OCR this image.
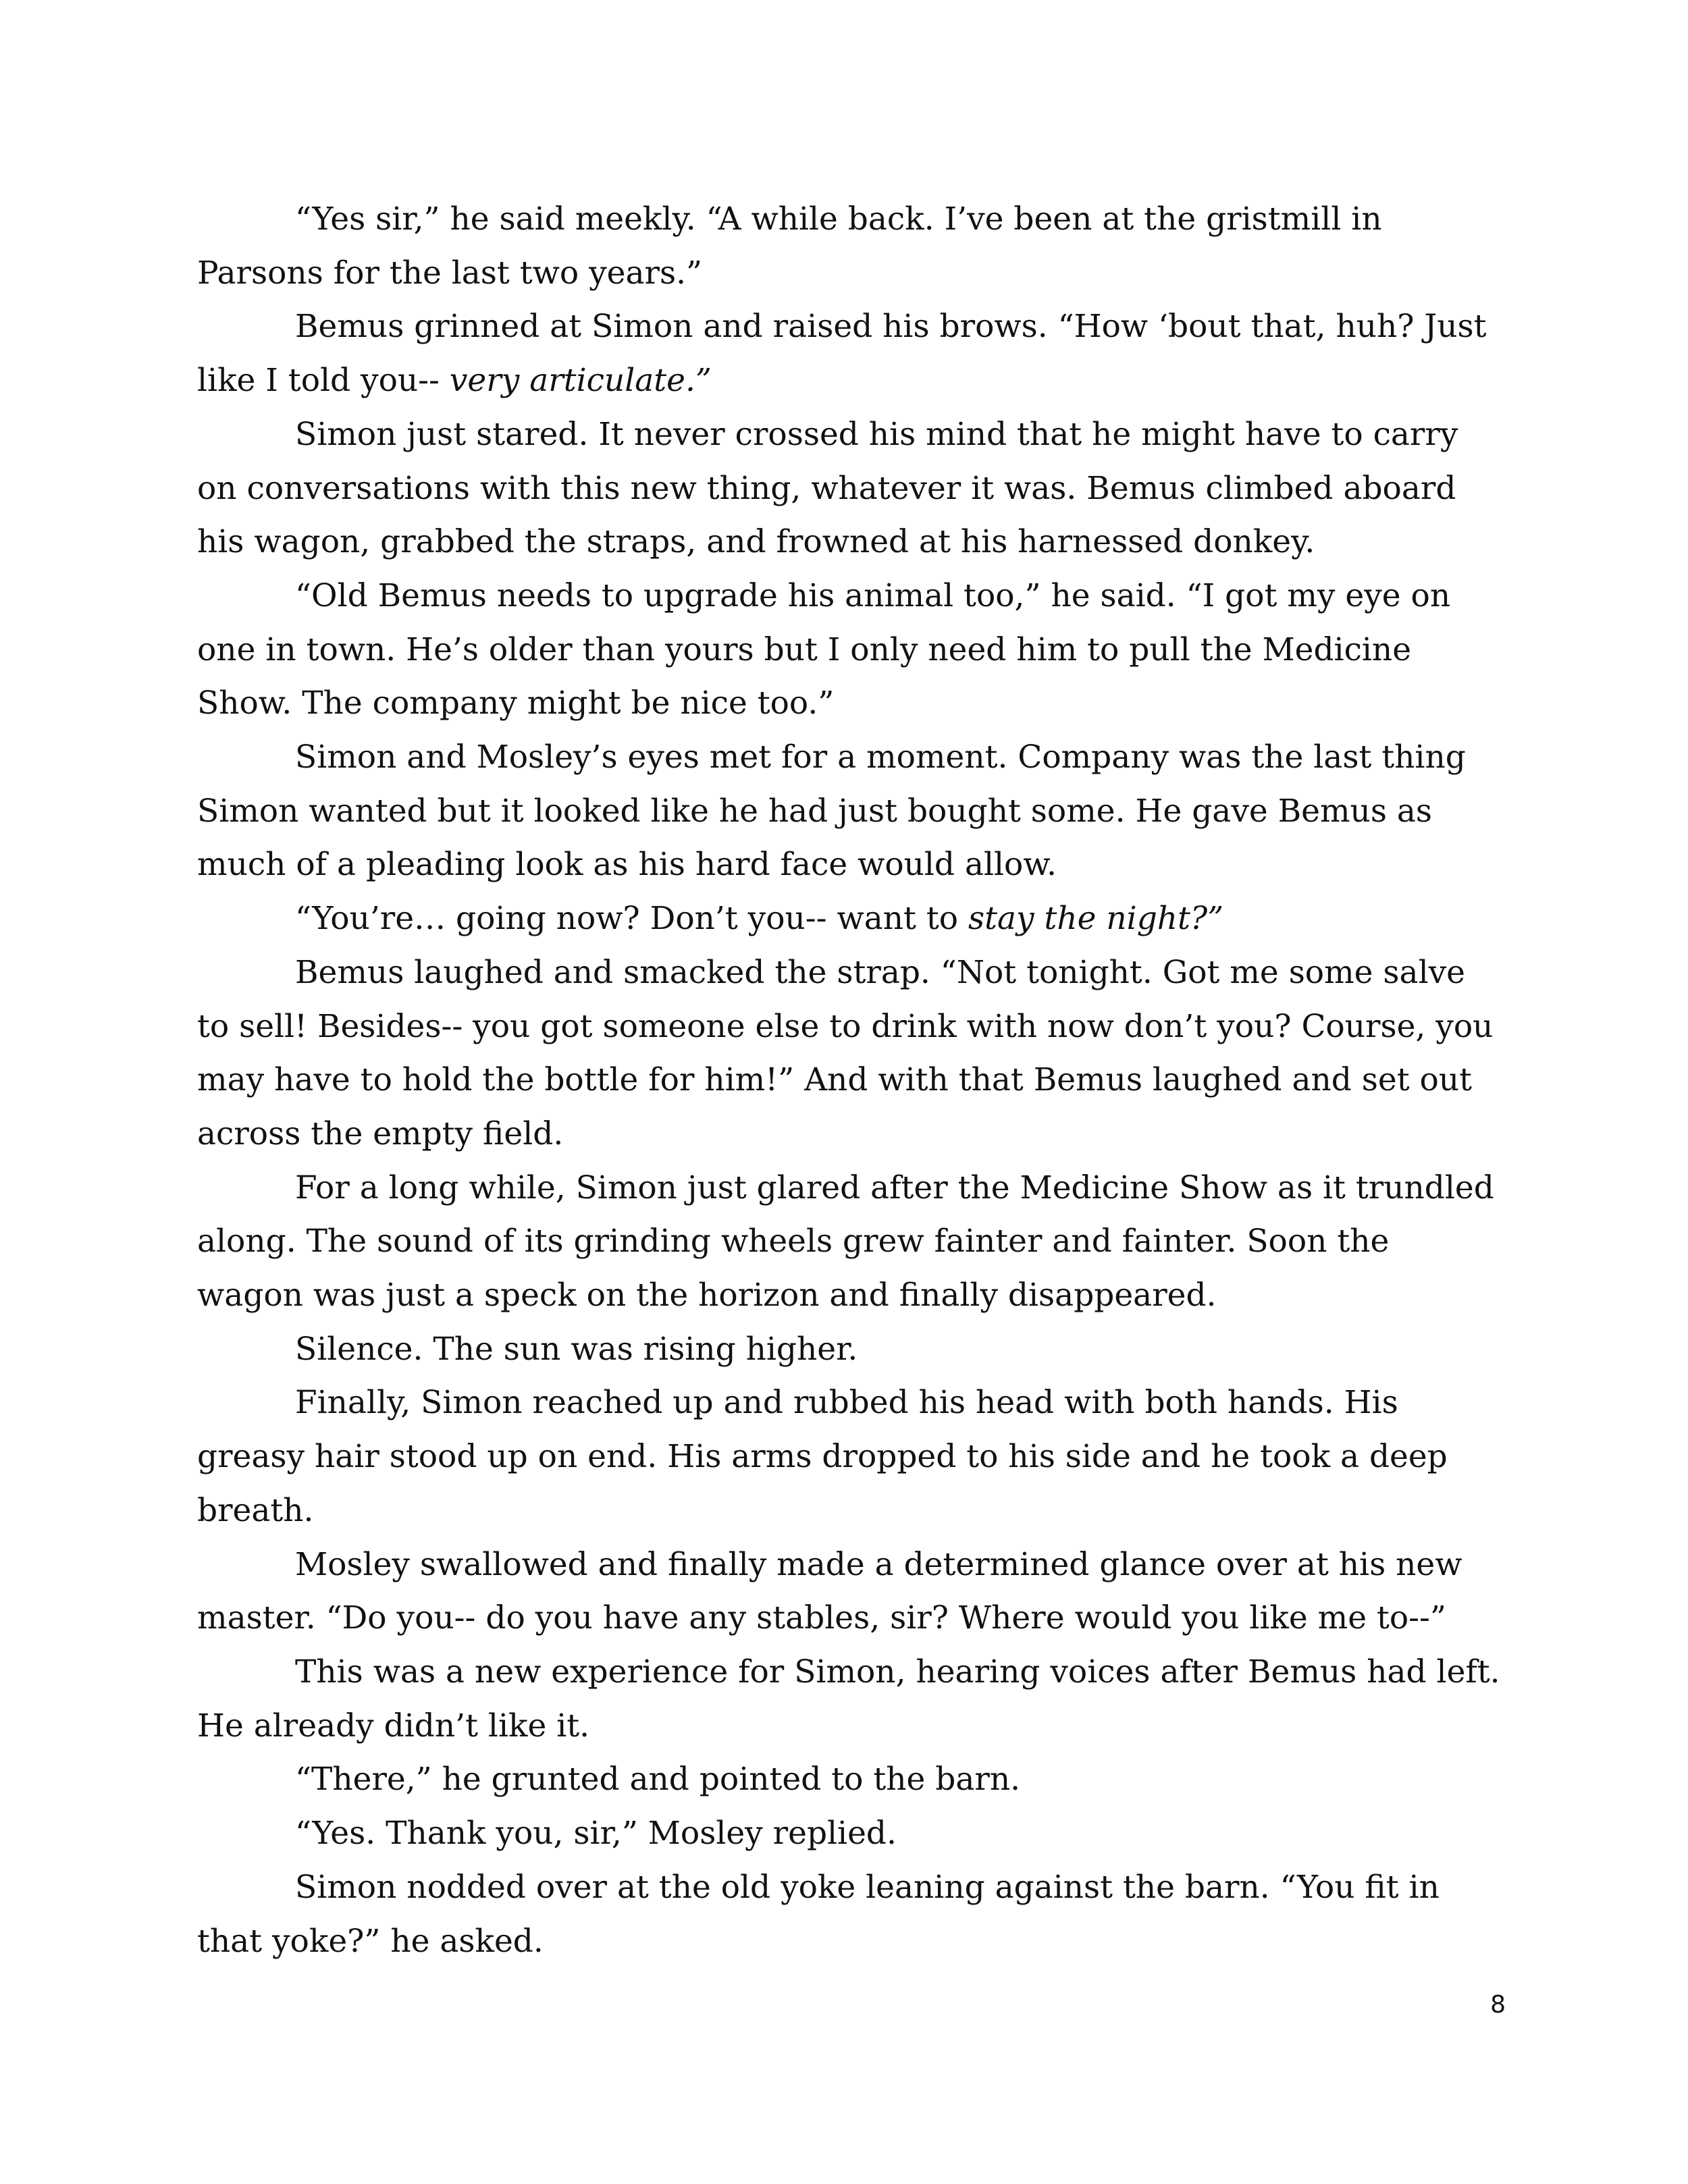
“Yes sir,” he said meekly. “A while back. I’ve been at the gristmill in Parsons for the last two years.”

Bemus grinned at Simon and raised his brows. “How ‘bout that, huh? Just like I told you-- very articulate.”

Simon just stared. It never crossed his mind that he might have to carry on conversations with this new thing, whatever it was. Bemus climbed aboard his wagon, grabbed the straps, and frowned at his harnessed donkey.

“Old Bemus needs to upgrade his animal too,” he said. “I got my eye on one in town. He’s older than yours but I only need him to pull the Medicine Show. The company might be nice too.”

Simon and Mosley’s eyes met for a moment. Company was the last thing Simon wanted but it looked like he had just bought some. He gave Bemus as much of a pleading look as his hard face would allow.

“You’re… going now? Don’t you-- want to stay the night?”

Bemus laughed and smacked the strap. “Not tonight. Got me some salve to sell! Besides-- you got someone else to drink with now don’t you? Course, you may have to hold the bottle for him!” And with that Bemus laughed and set out across the empty field.

For a long while, Simon just glared after the Medicine Show as it trundled along. The sound of its grinding wheels grew fainter and fainter. Soon the wagon was just a speck on the horizon and finally disappeared.

Silence. The sun was rising higher.

Finally, Simon reached up and rubbed his head with both hands. His greasy hair stood up on end. His arms dropped to his side and he took a deep breath.

Mosley swallowed and finally made a determined glance over at his new master. “Do you-- do you have any stables, sir? Where would you like me to--”

This was a new experience for Simon, hearing voices after Bemus had left. He already didn’t like it.

“There,” he grunted and pointed to the barn.

“Yes. Thank you, sir,” Mosley replied.

Simon nodded over at the old yoke leaning against the barn. “You fit in that yoke?” he asked.

8
